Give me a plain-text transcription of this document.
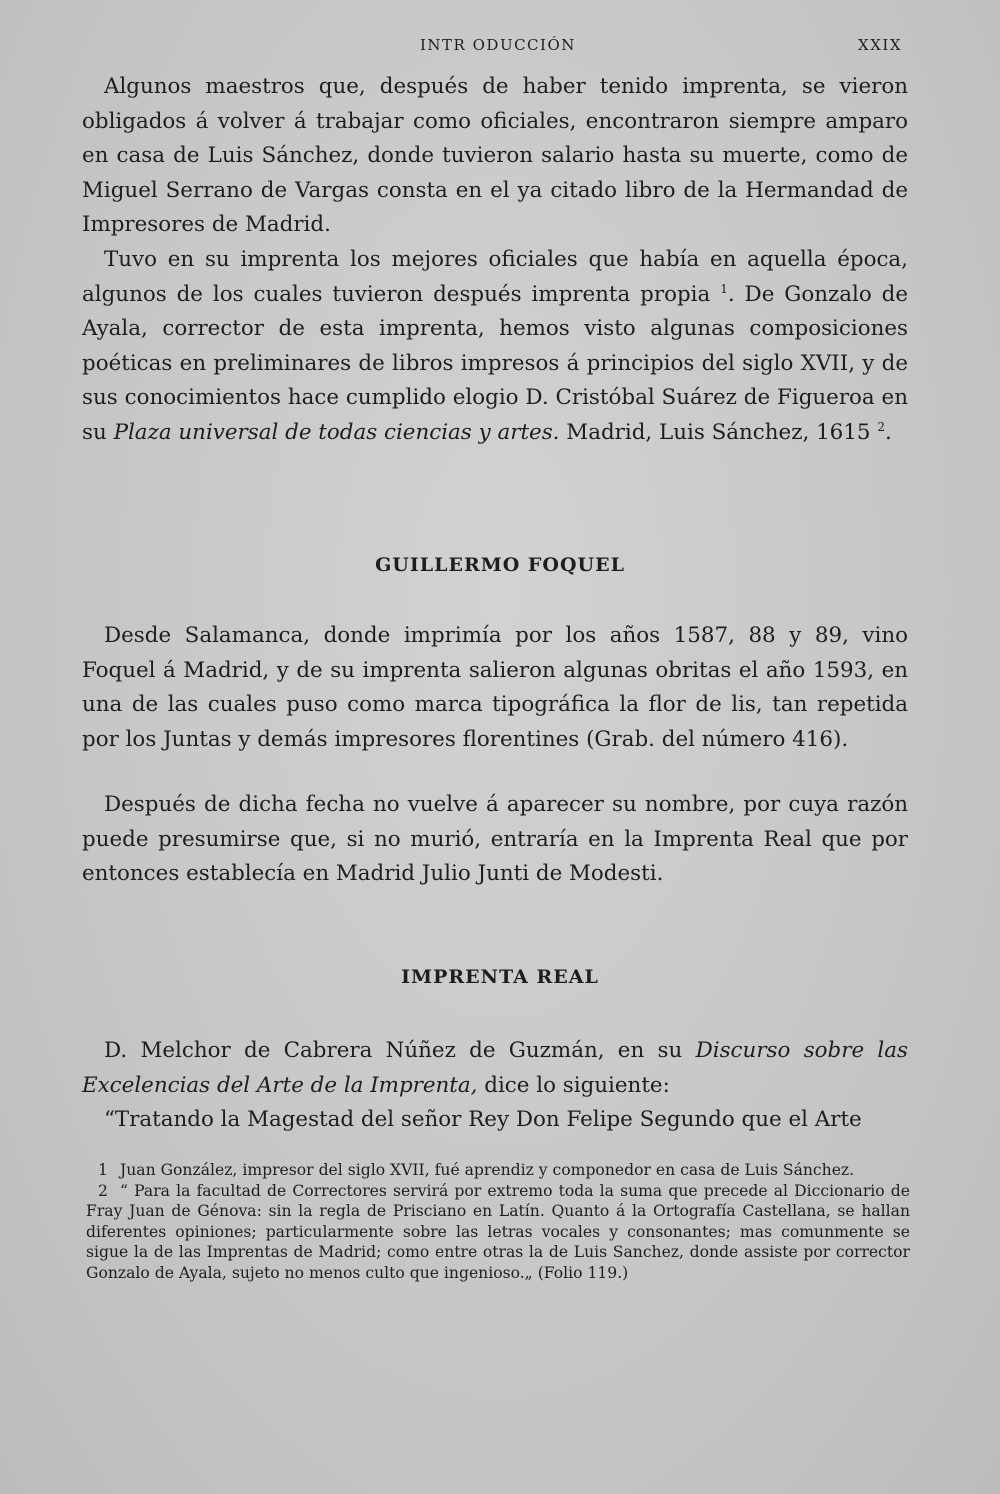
INTR ODUCCIÓN	XXIX

Algunos maestros que, después de haber tenido imprenta, se vieron obligados á volver á trabajar como oficiales, encontraron siempre amparo en casa de Luis Sánchez, donde tuvieron salario hasta su muerte, como de Miguel Serrano de Vargas consta en el ya citado libro de la Hermandad de Impresores de Madrid.

Tuvo en su imprenta los mejores oficiales que había en aquella época, algunos de los cuales tuvieron después imprenta propia $^1$. De Gonzalo de Ayala, corrector de esta imprenta, hemos visto algunas composiciones poéticas en preliminares de libros impresos á principios del siglo XVII, y de sus conocimientos hace cumplido elogio D. Cristóbal Suárez de Figueroa en su Plaza universal de todas ciencias y artes. Madrid, Luis Sánchez, 1615 $^2$.

GUILLERMO FOQUEL

Desde Salamanca, donde imprimía por los años 1587, 88 y 89, vino Foquel á Madrid, y de su imprenta salieron algunas obritas el año 1593, en una de las cuales puso como marca tipográfica la flor de lis, tan repetida por los Juntas y demás impresores florentines (Grab. del número 416).

Después de dicha fecha no vuelve á aparecer su nombre, por cuya razón puede presumirse que, si no murió, entraría en la Imprenta Real que por entonces establecía en Madrid Julio Junti de Modesti.

IMPRENTA REAL

D. Melchor de Cabrera Núñez de Guzmán, en su Discurso sobre las Excelencias del Arte de la Imprenta, dice lo siguiente:

“Tratando la Magestad del señor Rey Don Felipe Segundo que el Arte

1 Juan González, impresor del siglo XVII, fué aprendiz y componedor en casa de Luis Sánchez.

2 “ Para la facultad de Correctores servirá por extremo toda la suma que precede al Diccionario de Fray Juan de Génova: sin la regla de Prisciano en Latín. Quanto á la Ortografía Castellana, se hallan diferentes opiniones; particularmente sobre las letras vocales y consonantes; mas comunmente se sigue la de las Imprentas de Madrid; como entre otras la de Luis Sanchez, donde assiste por corrector Gonzalo de Ayala, sujeto no menos culto que ingenioso.„ (Folio 119.)
